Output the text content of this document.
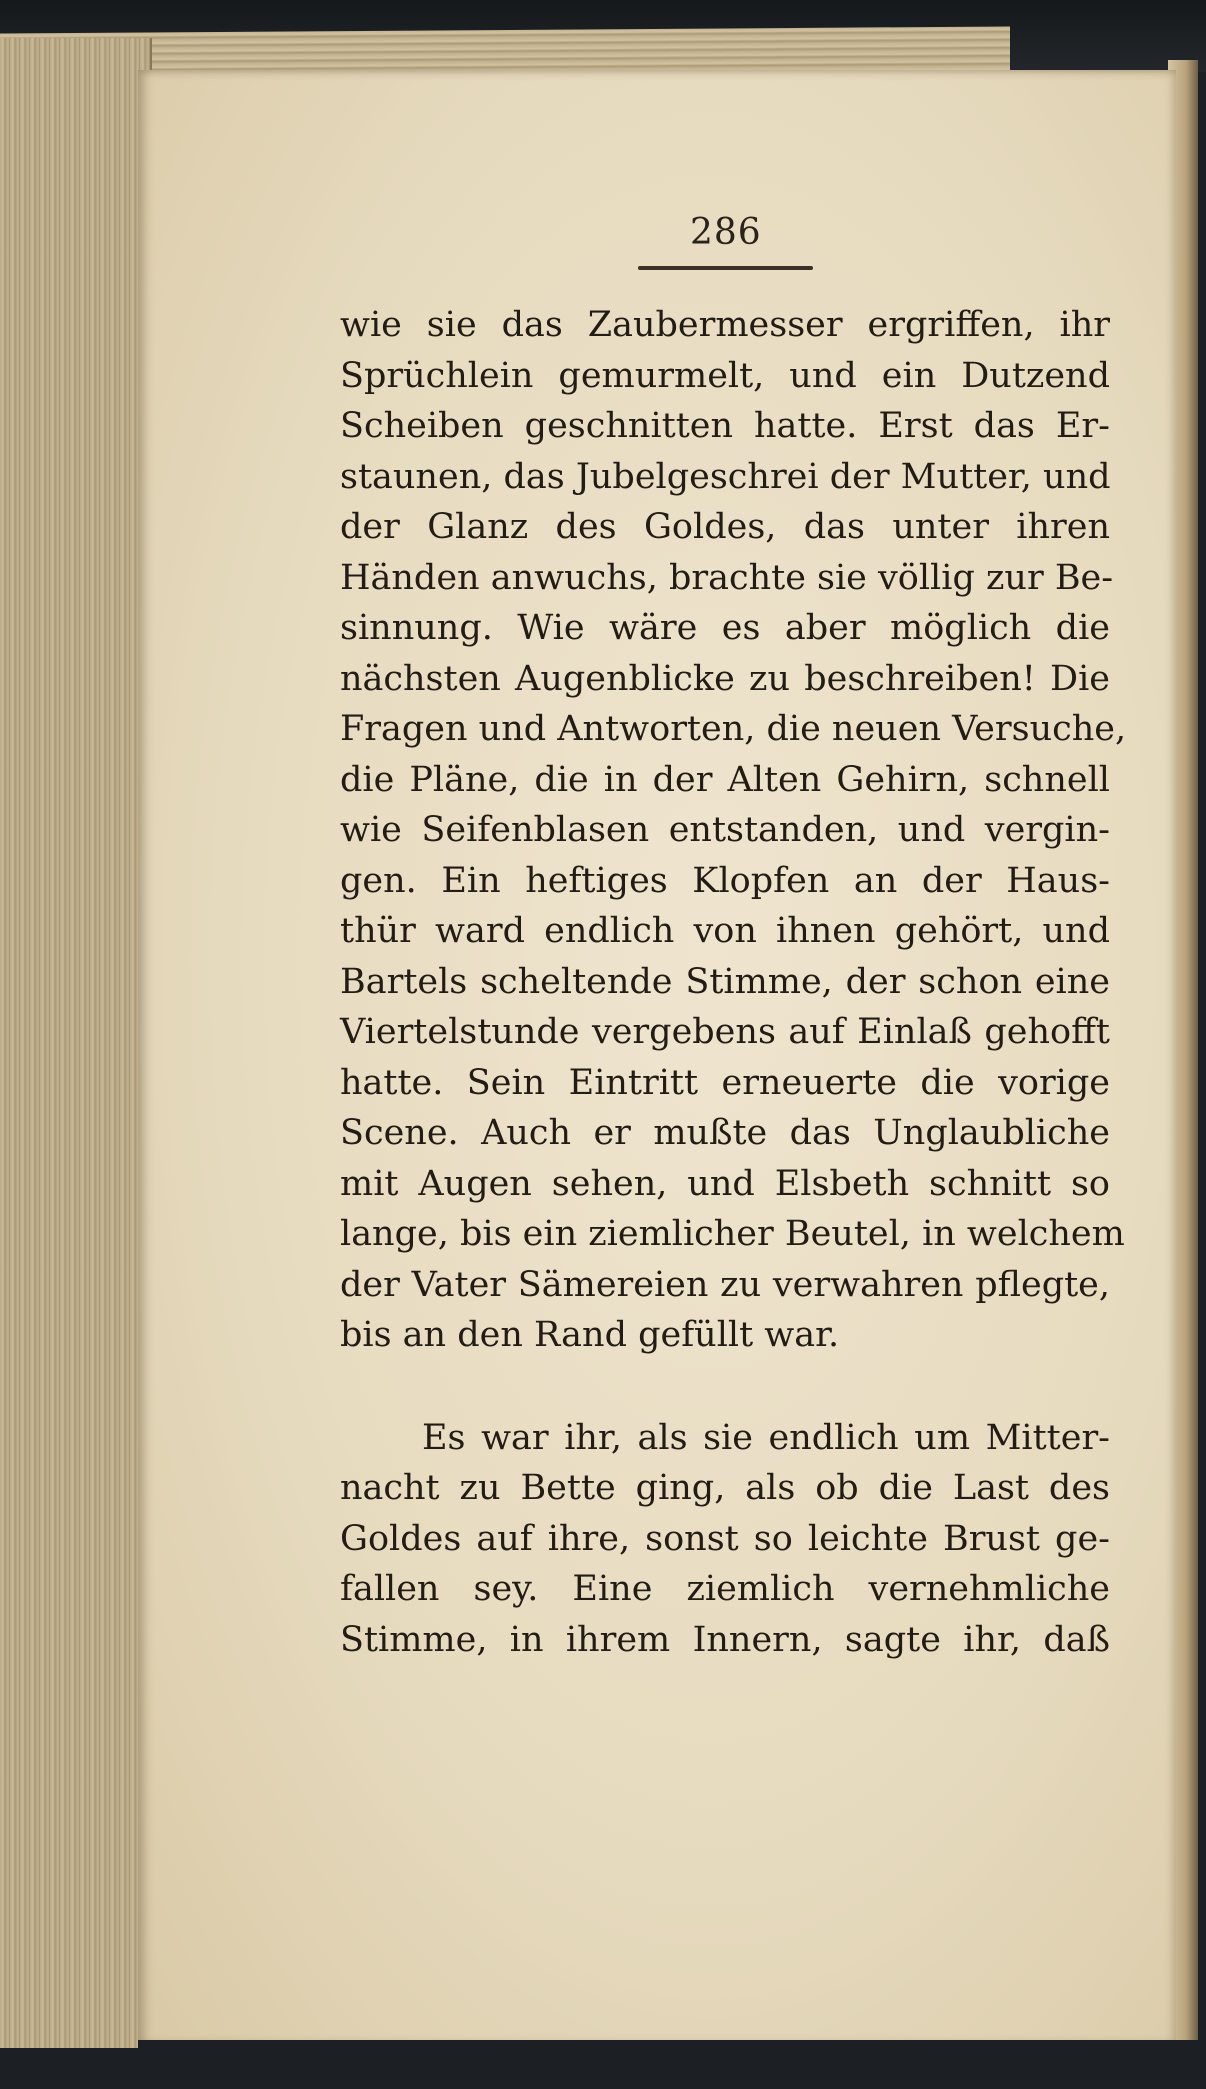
286
wie sie das Zaubermesser ergriffen, ihr
Sprüchlein gemurmelt, und ein Dutzend
Scheiben geschnitten hatte. Erst das Er-
staunen, das Jubelgeschrei der Mutter, und
der Glanz des Goldes, das unter ihren
Händen anwuchs, brachte sie völlig zur Be-
sinnung. Wie wäre es aber möglich die
nächsten Augenblicke zu beschreiben! Die
Fragen und Antworten, die neuen Versuche,
die Pläne, die in der Alten Gehirn, schnell
wie Seifenblasen entstanden, und vergin-
gen. Ein heftiges Klopfen an der Haus-
thür ward endlich von ihnen gehört, und
Bartels scheltende Stimme, der schon eine
Viertelstunde vergebens auf Einlaß gehofft
hatte. Sein Eintritt erneuerte die vorige
Scene. Auch er mußte das Unglaubliche
mit Augen sehen, und Elsbeth schnitt so
lange, bis ein ziemlicher Beutel, in welchem
der Vater Sämereien zu verwahren pflegte,
bis an den Rand gefüllt war.
Es war ihr, als sie endlich um Mitter-
nacht zu Bette ging, als ob die Last des
Goldes auf ihre, sonst so leichte Brust ge-
fallen sey. Eine ziemlich vernehmliche
Stimme, in ihrem Innern, sagte ihr, daß
